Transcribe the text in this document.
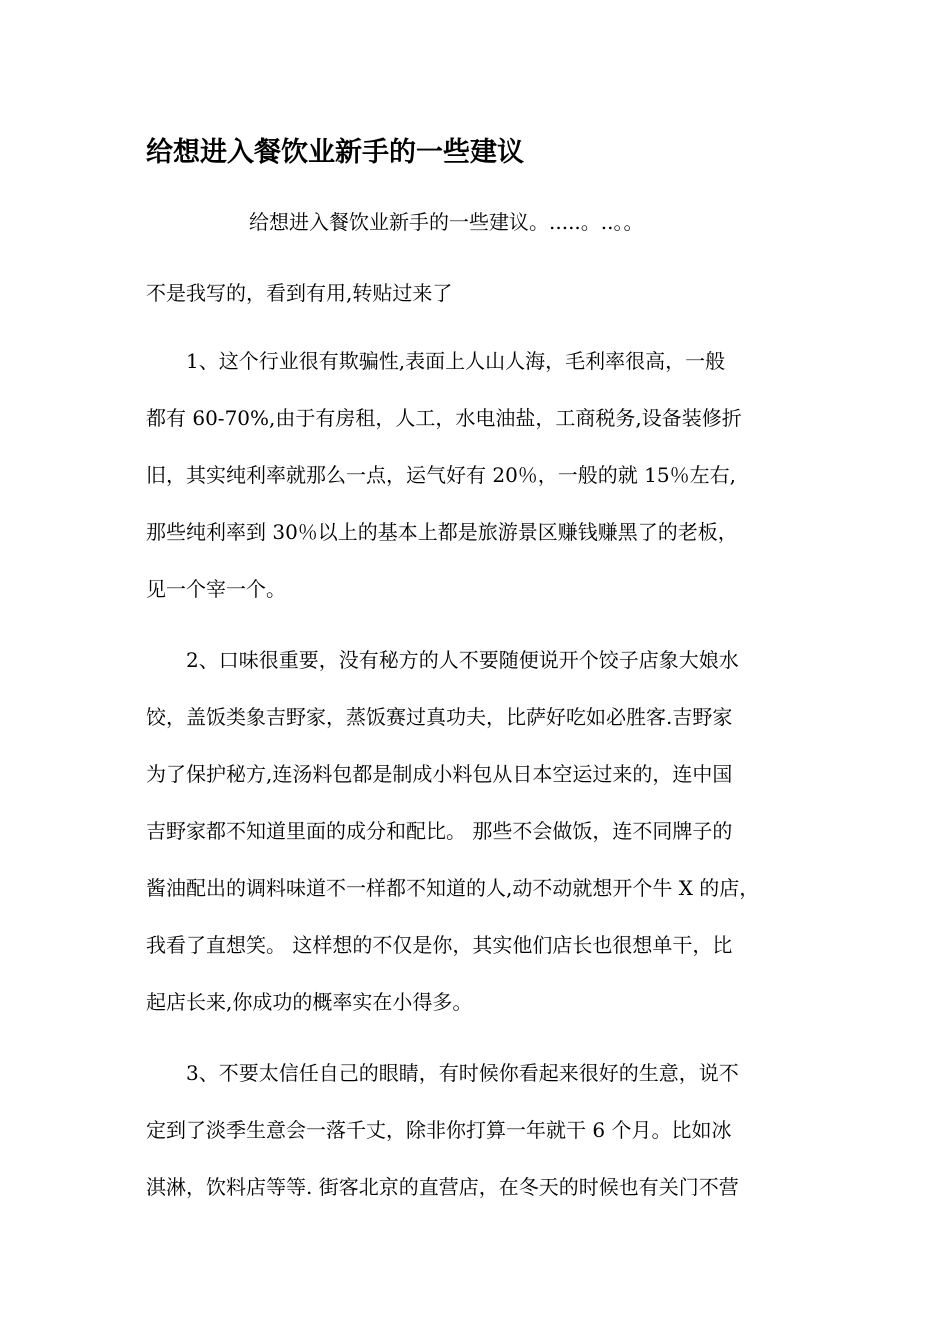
给想进入餐饮业新手的一些建议
给想进入餐饮业新手的一些建议。.....。..。。
不是我写的，看到有用,转贴过来了
1、这个行业很有欺骗性,表面上人山人海，毛利率很高，一般
都有 60-70%,由于有房租，人工，水电油盐，工商税务,设备装修折
旧，其实纯利率就那么一点，运气好有 20％，一般的就 15％左右,
那些纯利率到 30％以上的基本上都是旅游景区赚钱赚黑了的老板，
见一个宰一个。
2、口味很重要，没有秘方的人不要随便说开个饺子店象大娘水
饺，盖饭类象吉野家，蒸饭赛过真功夫，比萨好吃如必胜客.吉野家
为了保护秘方,连汤料包都是制成小料包从日本空运过来的，连中国
吉野家都不知道里面的成分和配比。 那些不会做饭，连不同牌子的
酱油配出的调料味道不一样都不知道的人,动不动就想开个牛 X 的店，
我看了直想笑。 这样想的不仅是你，其实他们店长也很想单干，比
起店长来,你成功的概率实在小得多。
3、不要太信任自己的眼睛，有时候你看起来很好的生意，说不
定到了淡季生意会一落千丈，除非你打算一年就干 6 个月。比如冰
淇淋，饮料店等等. 街客北京的直营店，在冬天的时候也有关门不营
